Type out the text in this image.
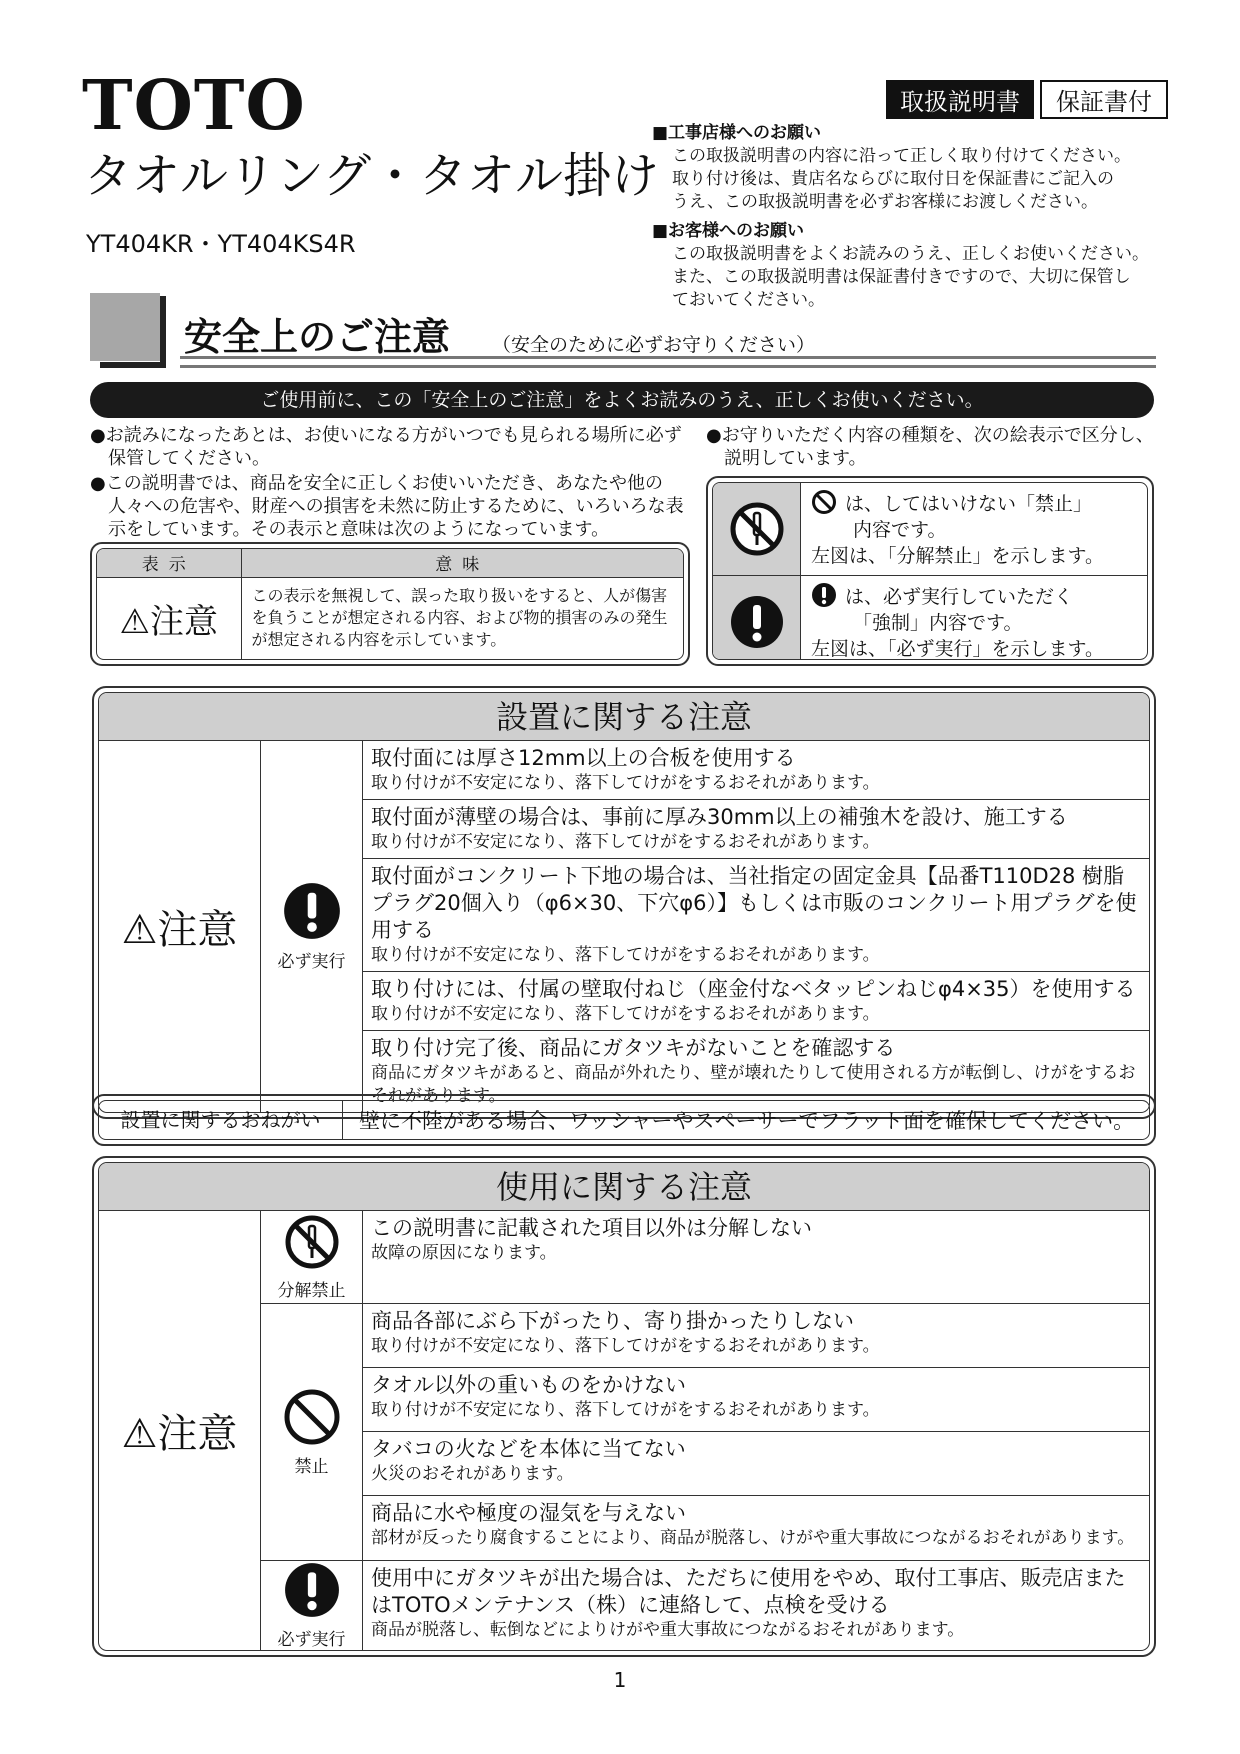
TOTO
タオルリング・タオル掛け
YT404KR・YT404KS4R
取扱説明書	保証書付
■工事店様へのお願い
この取扱説明書の内容に沿って正しく取り付けてください。
取り付け後は、貴店名ならびに取付日を保証書にご記入の
うえ、この取扱説明書を必ずお客様にお渡しください。
■お客様へのお願い
この取扱説明書をよくお読みのうえ、正しくお使いください。
また、この取扱説明書は保証書付きですので、大切に保管し
ておいてください。
安全上のご注意 （安全のために必ずお守りください）
ご使用前に、この「安全上のご注意」をよくお読みのうえ、正しくお使いください。

●お読みになったあとは、お使いになる方がいつでも見られる場所に必ず保管してください。

●この説明書では、商品を安全に正しくお使いいただき、あなたや他の人々への危害や、財産への損害を未然に防止するために、いろいろな表示をしています。その表示と意味は次のようになっています。

●お守りいただく内容の種類を、次の絵表示で区分し、説明しています。

表示	意味
⚠注意	この表示を無視して、誤った取り扱いをすると、人が傷害を負うことが想定される内容、および物的損害のみの発生が想定される内容を示しています。
は、してはいけない「禁止」
内容です。
左図は、「分解禁止」を示します。
は、必ず実行していただく
「強制」内容です。
左図は、「必ず実行」を示します。
設置に関する注意
⚠注意
必ず実行
取付面には厚さ12mm以上の合板を使用する
取り付けが不安定になり、落下してけがをするおそれがあります。
取付面が薄壁の場合は、事前に厚み30mm以上の補強木を設け、施工する
取り付けが不安定になり、落下してけがをするおそれがあります。
取付面がコンクリート下地の場合は、当社指定の固定金具【品番T110D28 樹脂プラグ20個入り（φ6×30、下穴φ6）】もしくは市販のコンクリート用プラグを使用する
取り付けが不安定になり、落下してけがをするおそれがあります。
取り付けには、付属の壁取付ねじ（座金付なベタッピンねじφ4×35）を使用する
取り付けが不安定になり、落下してけがをするおそれがあります。
取り付け完了後、商品にガタツキがないことを確認する
商品にガタツキがあると、商品が外れたり、壁が壊れたりして使用される方が転倒し、けがをするおそれがあります。
設置に関するおねがい	壁に不陸がある場合、ワッシャーやスペーサーでフラット面を確保してください。
使用に関する注意
⚠注意
分解禁止
この説明書に記載された項目以外は分解しない
故障の原因になります。
禁止
商品各部にぶら下がったり、寄り掛かったりしない
取り付けが不安定になり、落下してけがをするおそれがあります。
タオル以外の重いものをかけない
取り付けが不安定になり、落下してけがをするおそれがあります。
タバコの火などを本体に当てない
火災のおそれがあります。
商品に水や極度の湿気を与えない
部材が反ったり腐食することにより、商品が脱落し、けがや重大事故につながるおそれがあります。
必ず実行
使用中にガタツキが出た場合は、ただちに使用をやめ、取付工事店、販売店またはTOTOメンテナンス（株）に連絡して、点検を受ける
商品が脱落し、転倒などによりけがや重大事故につながるおそれがあります。
1
